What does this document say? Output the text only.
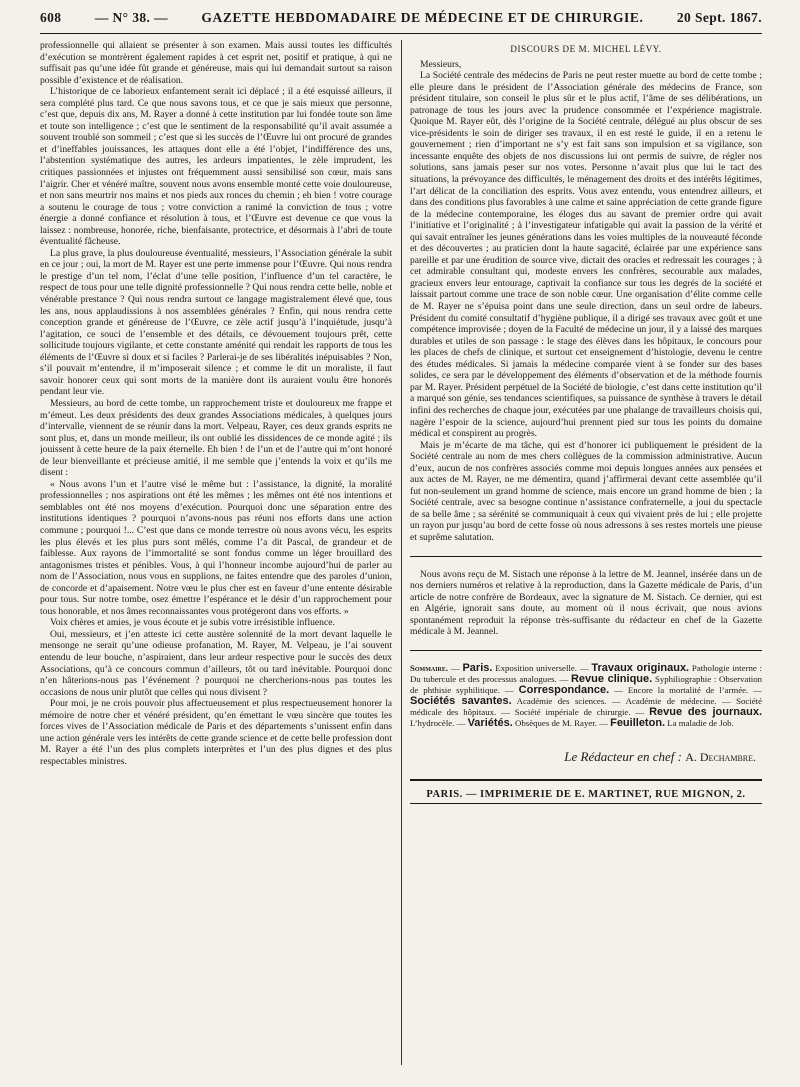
608 — N° 38. — GAZETTE HEBDOMADAIRE DE MÉDECINE ET DE CHIRURGIE. 20 Sept. 1867.

professionnelle qui allaient se présenter à son examen. Mais aussi toutes les difficultés d’exécution se montrèrent également rapides à cet esprit net, positif et pratique, à qui ne suffisait pas qu’une idée fût grande et généreuse, mais qui lui demandait surtout sa raison possible d’existence et de réalisation.

L’historique de ce laborieux enfantement serait ici déplacé ; il a été esquissé ailleurs, il sera complété plus tard. Ce que nous savons tous, et ce que je sais mieux que personne, c’est que, depuis dix ans, M. Rayer a donné à cette institution par lui fondée toute son âme et toute son intelligence ; c’est que le sentiment de la responsabilité qu’il avait assumée a souvent troublé son sommeil ; c’est que si les succès de l’Œuvre lui ont procuré de grandes et d’ineffables jouissances, les attaques dont elle a été l’objet, l’indifférence des uns, l’abstention systématique des autres, les ardeurs impatientes, le zèle imprudent, les critiques passionnées et injustes ont fréquemment aussi sensibilisé son cœur, mais sans l’aigrir. Cher et vénéré maître, souvent nous avons ensemble monté cette voie douloureuse, et non sans meurtrir nos mains et nos pieds aux ronces du chemin ; eh bien ! votre courage a soutenu le courage de tous ; votre conviction a ranimé la conviction de tous ; votre énergie a donné confiance et résolution à tous, et l’Œuvre est devenue ce que vous la laissez : nombreuse, honorée, riche, bienfaisante, protectrice, et désormais à l’abri de toute éventualité fâcheuse.

La plus grave, la plus douloureuse éventualité, messieurs, l’Association générale la subit en ce jour ; oui, la mort de M. Rayer est une perte immense pour l’Œuvre. Qui nous rendra le prestige d’un tel nom, l’éclat d’une telle position, l’influence d’un tel caractère, le respect de tous pour une telle dignité professionnelle ? Qui nous rendra cette belle, noble et vénérable prestance ? Qui nous rendra surtout ce langage magistralement élevé que, tous les ans, nous applaudissions à nos assemblées générales ? Enfin, qui nous rendra cette conception grande et généreuse de l’Œuvre, ce zèle actif jusqu’à l’inquiétude, jusqu’à l’agitation, ce souci de l’ensemble et des détails, ce dévouement toujours prêt, cette sollicitude toujours vigilante, et cette constante aménité qui rendait les rapports de tous les éléments de l’Œuvre si doux et si faciles ? Parlerai-je de ses libéralités inépuisables ? Non, s’il pouvait m’entendre, il m’imposerait silence ; et comme le dit un moraliste, il faut savoir honorer ceux qui sont morts de la manière dont ils auraient voulu être honorés pendant leur vie.

Messieurs, au bord de cette tombe, un rapprochement triste et douloureux me frappe et m’émeut. Les deux présidents des deux grandes Associations médicales, à quelques jours d’intervalle, viennent de se réunir dans la mort. Velpeau, Rayer, ces deux grands esprits ne sont plus, et, dans un monde meilleur, ils ont oublié les dissidences de ce monde agité ; ils jouissent à cette heure de la paix éternelle. Eh bien ! de l’un et de l’autre qui m’ont honoré de leur bienveillante et précieuse amitié, il me semble que j’entends la voix et qu’ils me disent :

« Nous avons l’un et l’autre visé le même but : l’assistance, la dignité, la moralité professionnelles ; nos aspirations ont été les mêmes ; les mêmes ont été nos intentions et semblables ont été nos moyens d’exécution. Pourquoi donc une séparation entre des institutions identiques ? pourquoi n’avons-nous pas réuni nos efforts dans une action commune ; pourquoi !... C’est que dans ce monde terrestre où nous avons vécu, les esprits les plus élevés et les plus purs sont mêlés, comme l’a dit Pascal, de grandeur et de faiblesse. Aux rayons de l’immortalité se sont fondus comme un léger brouillard des antagonismes tristes et pénibles. Vous, à qui l’honneur incombe aujourd’hui de parler au nom de l’Association, nous vous en supplions, ne faites entendre que des paroles d’union, de concorde et d’apaisement. Notre vœu le plus cher est en faveur d’une entente désirable pour tous. Sur notre tombe, osez émettre l’espérance et le désir d’un rapprochement pour tous honorable, et nos âmes reconnaissantes vous protégeront dans vos efforts. »

Voix chères et amies, je vous écoute et je subis votre irrésistible influence.

Oui, messieurs, et j’en atteste ici cette austère solennité de la mort devant laquelle le mensonge ne serait qu’une odieuse profanation, M. Rayer, M. Velpeau, je l’ai souvent entendu de leur bouche, n’aspiraient, dans leur ardeur respective pour le succès des deux Associations, qu’à ce concours commun d’ailleurs, tôt ou tard inévitable. Pourquoi donc n’en hâterions-nous pas l’événement ? pourquoi ne chercherions-nous pas toutes les occasions de nous unir plutôt que celles qui nous divisent ?

Pour moi, je ne crois pouvoir plus affectueusement et plus respectueusement honorer la mémoire de notre cher et vénéré président, qu’en émettant le vœu sincère que toutes les forces vives de l’Association médicale de Paris et des départements s’unissent enfin dans une action générale vers les intérêts de cette grande science et de cette belle profession dont M. Rayer a été l’un des plus complets interprètes et l’un des plus dignes et des plus respectables ministres.

DISCOURS DE M. MICHEL LÉVY.

Messieurs,

La Société centrale des médecins de Paris ne peut rester muette au bord de cette tombe ; elle pleure dans le président de l’Association générale des médecins de France, son président titulaire, son conseil le plus sûr et le plus actif, l’âme de ses délibérations, un patronage de tous les jours avec la prudence consommée et l’expérience magistrale. Quoique M. Rayer eût, dès l’origine de la Société centrale, délégué au plus obscur de ses vice-présidents le soin de diriger ses travaux, il en est resté le guide, il en a retenu le gouvernement ; rien d’important ne s’y est fait sans son impulsion et sa vigilance, son incessante enquête des objets de nos discussions lui ont permis de suivre, de régler nos solutions, sans jamais peser sur nos votes. Personne n’avait plus que lui le tact des situations, la prévoyance des difficultés, le ménagement des droits et des intérêts légitimes, l’art délicat de la conciliation des esprits. Vous avez entendu, vous entendrez ailleurs, et dans des conditions plus favorables à une calme et saine appréciation de cette grande figure de la médecine contemporaine, les éloges dus au savant de premier ordre qui avait l’initiative et l’originalité ; à l’investigateur infatigable qui avait la passion de la vérité et qui savait entraîner les jeunes générations dans les voies multiples de la nouveauté féconde et des découvertes ; au praticien dont la haute sagacité, éclairée par une expérience sans pareille et par une érudition de source vive, dictait des oracles et redressait les courages ; à cet admirable consultant qui, modeste envers les confrères, secourable aux malades, gracieux envers leur entourage, captivait la confiance sur tous les degrés de la société et laissait partout comme une trace de son noble cœur. Une organisation d’élite comme celle de M. Rayer ne s’épuisa point dans une seule direction, dans un seul ordre de labeurs. Président du comité consultatif d’hygiène publique, il a dirigé ses travaux avec goût et une compétence improvisée ; doyen de la Faculté de médecine un jour, il y a laissé des marques durables et utiles de son passage : le stage des élèves dans les hôpitaux, le concours pour les places de chefs de clinique, et surtout cet enseignement d’histologie, devenu le centre des études médicales. Si jamais la médecine comparée vient à se fonder sur des bases solides, ce sera par le développement des éléments d’observation et de la méthode fournis par M. Rayer. Président perpétuel de la Société de biologie, c’est dans cette institution qu’il a marqué son génie, ses tendances scientifiques, sa puissance de synthèse à travers le détail infini des recherches de chaque jour, exécutées par une phalange de travailleurs choisis qui, nagère l’espoir de la science, aujourd’hui prennent pied sur tous les points du domaine médical et conspirent au progrès.

Mais je m’écarte de ma tâche, qui est d’honorer ici publiquement le président de la Société centrale au nom de mes chers collègues de la commission administrative. Aucun d’eux, aucun de nos confrères associés comme moi depuis longues années aux pensées et aux actes de M. Rayer, ne me démentira, quand j’affirmerai devant cette assemblée qu’il fut non-seulement un grand homme de science, mais encore un grand homme de bien ; la Société centrale, avec sa besogne continue n’assistance confraternelle, a joui du spectacle de sa belle âme ; sa sérénité se communiquait à ceux qui vivaient près de lui ; elle projette un rayon pur jusqu’au bord de cette fosse où nous adressons à ses restes mortels une pieuse et suprême salutation.

Nous avons reçu de M. Sistach une réponse à la lettre de M. Jeannel, insérée dans un de nos derniers numéros et relative à la reproduction, dans la Gazette médicale de Paris, d’un article de notre confrère de Bordeaux, avec la signature de M. Sistach. Ce dernier, qui est en Algérie, ignorait sans doute, au moment où il nous écrivait, que nous avions spontanément reproduit la réponse très-suffisante du rédacteur en chef de la Gazette médicale à M. Jeannel.

Sommaire. — Paris. Exposition universelle. — Travaux originaux. Pathologie interne : Du tubercule et des processus analogues. — Revue clinique. Syphiliographie : Observation de phthisie syphilitique. — Correspondance. — Encore la mortalité de l’armée. — Sociétés savantes. Académie des sciences. — Académie de médecine. — Société médicale des hôpitaux. — Société impériale de chirurgie. — Revue des journaux. L’hydrocèle. — Variétés. Obsèques de M. Rayer. — Feuilleton. La maladie de Job.
Le Rédacteur en chef : A. Dechambre.
PARIS. — IMPRIMERIE DE E. MARTINET, RUE MIGNON, 2.
